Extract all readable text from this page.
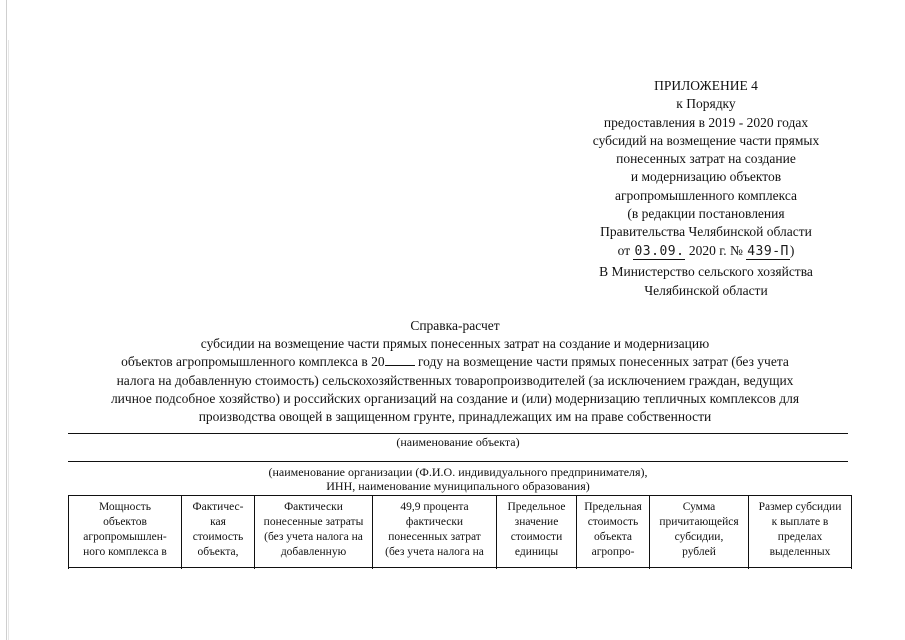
ПРИЛОЖЕНИЕ 4
к Порядку
предоставления в 2019 - 2020 годах
субсидий на возмещение части прямых
понесенных затрат на создание
и модернизацию объектов
агропромышленного комплекса
(в редакции постановления
Правительства Челябинской области
от 03.09. 2020 г. № 439-П)
В Министерство сельского хозяйства
Челябинской области
Справка-расчет
субсидии на возмещение части прямых понесенных затрат на создание и модернизацию
объектов агропромышленного комплекса в 20 году на возмещение части прямых понесенных затрат (без учета
налога на добавленную стоимость) сельскохозяйственных товаропроизводителей (за исключением граждан, ведущих
личное подсобное хозяйство) и российских организаций на создание и (или) модернизацию тепличных комплексов для
производства овощей в защищенном грунте, принадлежащих им на праве собственности
(наименование объекта)
(наименование организации (Ф.И.О. индивидуального предпринимателя),
ИНН, наименование муниципального образования)
Мощность
объектов
агропромышлен-
ного комплекса в

Фактичес-
кая
стоимость
объекта,

Фактически
понесенные затраты
(без учета налога на
добавленную

49,9 процента
фактически
понесенных затрат
(без учета налога на

Предельное
значение
стоимости
единицы

Предельная
стоимость
объекта
агропро-

Сумма
причитающейся
субсидии,
рублей

Размер субсидии
к выплате в
пределах
выделенных
